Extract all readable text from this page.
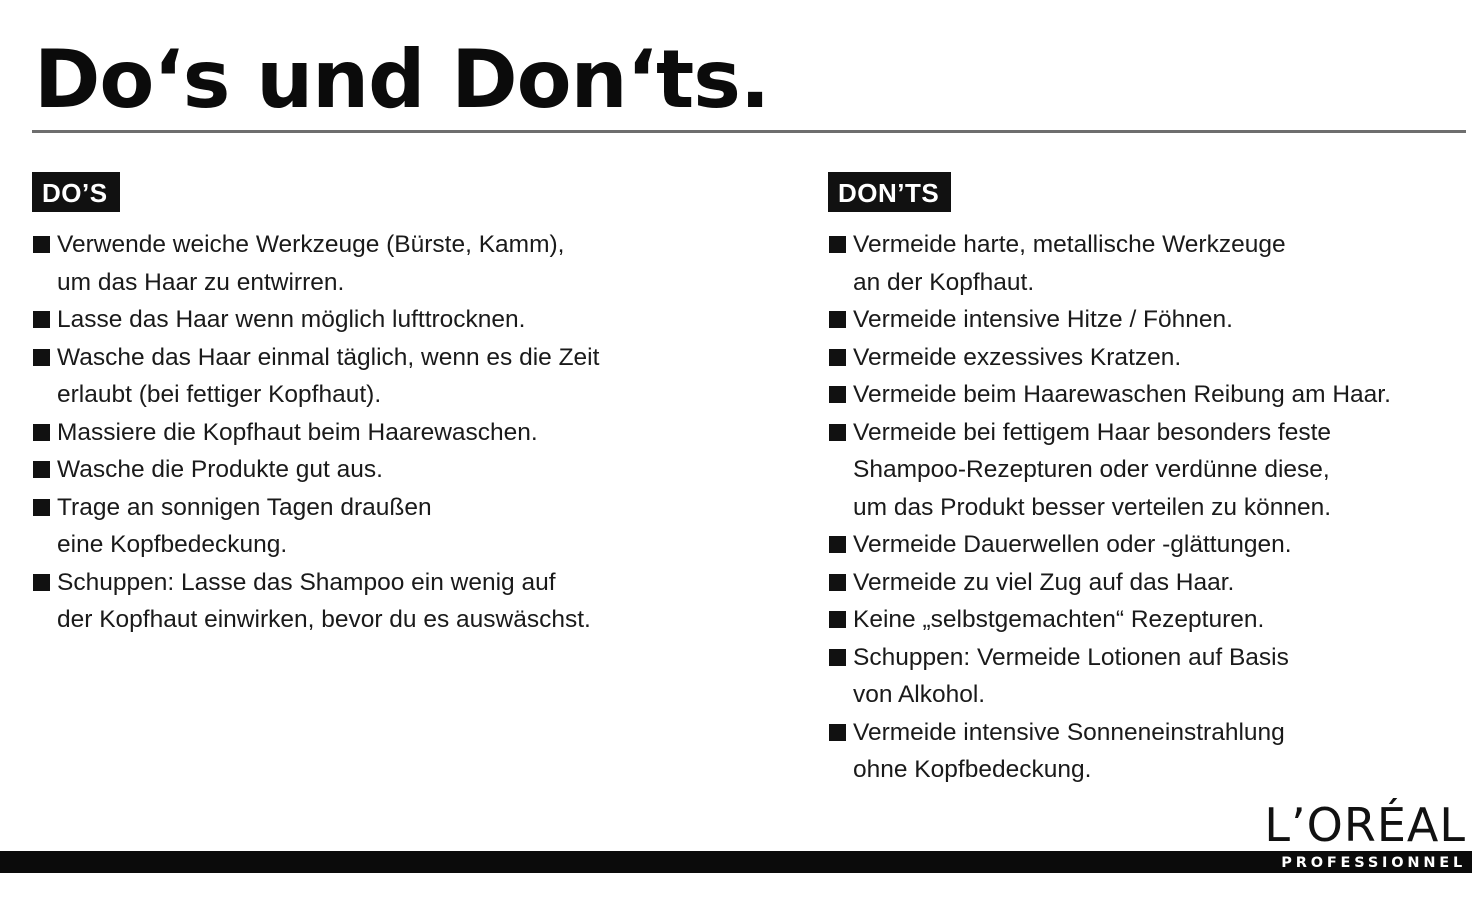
Do‘s und Don‘ts.
DO’S
Verwende weiche Werkzeuge (Bürste, Kamm),
um das Haar zu entwirren.
Lasse das Haar wenn möglich lufttrocknen.
Wasche das Haar einmal täglich, wenn es die Zeit
erlaubt (bei fettiger Kopfhaut).
Massiere die Kopfhaut beim Haarewaschen.
Wasche die Produkte gut aus.
Trage an sonnigen Tagen draußen
eine Kopfbedeckung.
Schuppen: Lasse das Shampoo ein wenig auf
der Kopfhaut einwirken, bevor du es auswäschst.
DON’TS
Vermeide harte, metallische Werkzeuge
an der Kopfhaut.
Vermeide intensive Hitze / Föhnen.
Vermeide exzessives Kratzen.
Vermeide beim Haarewaschen Reibung am Haar.
Vermeide bei fettigem Haar besonders feste
Shampoo-Rezepturen oder verdünne diese,
um das Produkt besser verteilen zu können.
Vermeide Dauerwellen oder -glättungen.
Vermeide zu viel Zug auf das Haar.
Keine „selbstgemachten“ Rezepturen.
Schuppen: Vermeide Lotionen auf Basis
von Alkohol.
Vermeide intensive Sonneneinstrahlung
ohne Kopfbedeckung.
L’ORÉAL
PROFESSIONNEL
